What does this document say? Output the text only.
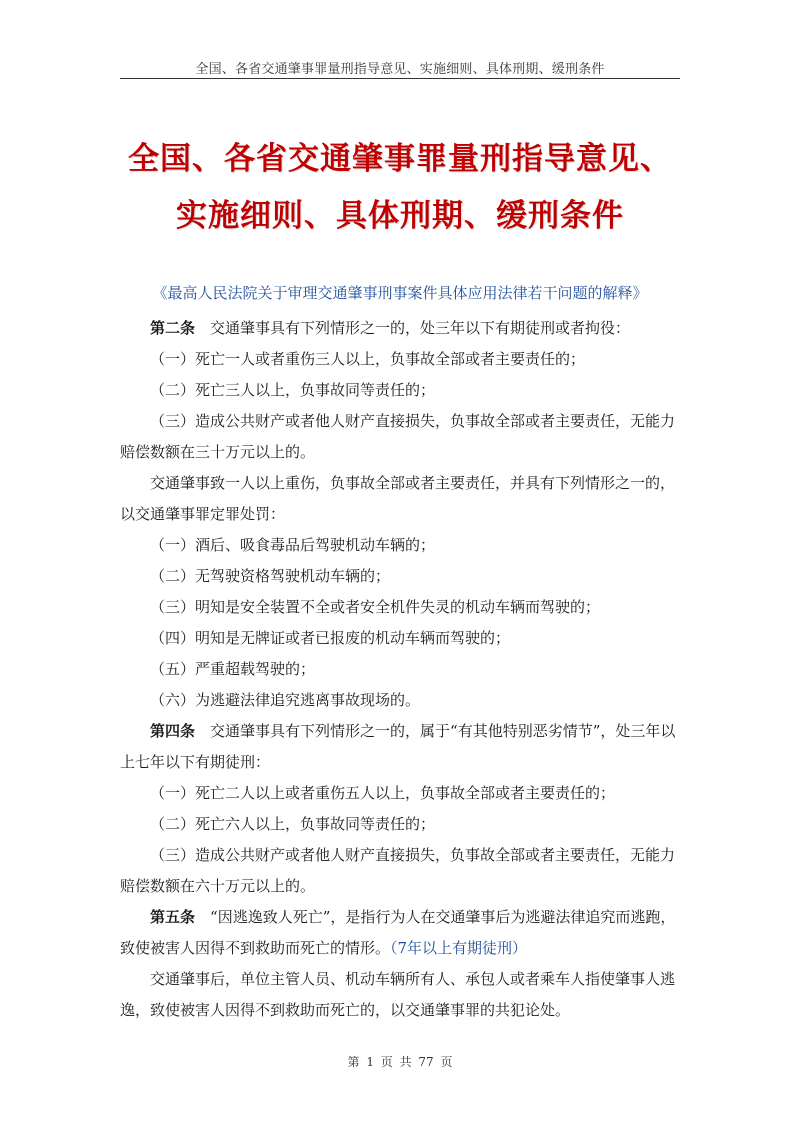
全国、各省交通肇事罪量刑指导意见、实施细则、具体刑期、缓刑条件
全国、各省交通肇事罪量刑指导意见、
实施细则、具体刑期、缓刑条件
《最高人民法院关于审理交通肇事刑事案件具体应用法律若干问题的解释》

第二条　 交通肇事具有下列情形之一的，处三年以下有期徒刑或者拘役：

（一）死亡一人或者重伤三人以上，负事故全部或者主要责任的；

（二）死亡三人以上，负事故同等责任的；

（三）造成公共财产或者他人财产直接损失，负事故全部或者主要责任，无能力赔偿数额在三十万元以上的。

交通肇事致一人以上重伤，负事故全部或者主要责任，并具有下列情形之一的，以交通肇事罪定罪处罚：

（一）酒后、吸食毒品后驾驶机动车辆的；

（二）无驾驶资格驾驶机动车辆的；

（三）明知是安全装置不全或者安全机件失灵的机动车辆而驾驶的；

（四）明知是无牌证或者已报废的机动车辆而驾驶的；

（五）严重超载驾驶的；

（六）为逃避法律追究逃离事故现场的。

第四条　 交通肇事具有下列情形之一的，属于“有其他特别恶劣情节”，处三年以上七年以下有期徒刑：

（一）死亡二人以上或者重伤五人以上，负事故全部或者主要责任的；

（二）死亡六人以上，负事故同等责任的；

（三）造成公共财产或者他人财产直接损失，负事故全部或者主要责任，无能力赔偿数额在六十万元以上的。

第五条　 “因逃逸致人死亡”，是指行为人在交通肇事后为逃避法律追究而逃跑，致使被害人因得不到救助而死亡的情形。（7年以上有期徒刑）

交通肇事后，单位主管人员、机动车辆所有人、承包人或者乘车人指使肇事人逃逸，致使被害人因得不到救助而死亡的，以交通肇事罪的共犯论处。

第 1 页 共 77 页
